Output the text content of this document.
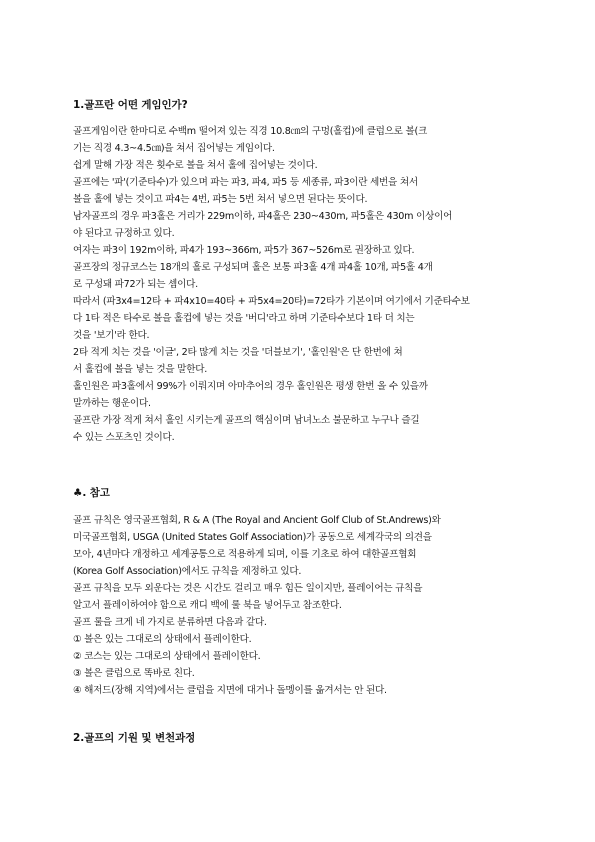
1.골프란 어떤 게임인가?
골프게임이란 한마디로 수백m 떨어져 있는 직경 10.8㎝의 구멍(홀컵)에 클럽으로 볼(크
기는 직경 4.3~4.5㎝)을 쳐서 집어넣는 게임이다.
쉽게 말해 가장 적은 횟수로 볼을 쳐서 홀에 집어넣는 것이다.
골프에는 '파'(기준타수)가 있으며 파는 파3, 파4, 파5 등 세종류, 파3이란 세번을 쳐서
볼을 홀에 넣는 것이고 파4는 4번, 파5는 5번 쳐서 넣으면 된다는 뜻이다.
남자골프의 경우 파3홀은 거리가 229m이하, 파4홀은 230~430m, 파5홀은 430m 이상이어
야 된다고 규정하고 있다.
여자는 파3이 192m이하, 파4가 193~366m, 파5가 367~526m로 권장하고 있다.
골프장의 정규코스는 18개의 홀로 구성되며 홀은 보통 파3홀 4개 파4홀 10개, 파5홀 4개
로 구성돼 파72가 되는 셈이다.
따라서 (파3x4=12타 + 파4x10=40타 + 파5x4=20타)=72타가 기본이며 여기에서 기준타수보
다 1타 적은 타수로 볼을 홀컵에 넣는 것을 '버디'라고 하며 기준타수보다 1타 더 치는
것을 '보기'라 한다.
2타 적게 치는 것을 '이글', 2타 많게 치는 것을 '더블보기', '홀인원'은 단 한번에 쳐
서 홀컵에 볼을 넣는 것을 말한다.
홀인원은 파3홀에서 99%가 이뤄지며 아마추어의 경우 홀인원은 평생 한번 올 수 있을까
말까하는 행운이다.
골프란 가장 적게 쳐서 홀인 시키는게 골프의 핵심이며 남녀노소 불문하고 누구나 즐길
수 있는 스포츠인 것이다.
♣. 참고
골프 규칙은 영국골프협회, R & A (The Royal and Ancient Golf Club of St.Andrews)와
미국골프협회, USGA (United States Golf Association)가 공동으로 세계각국의 의견을
모아, 4년마다 개정하고 세계공통으로 적용하게 되며, 이를 기초로 하여 대한골프협회
(Korea Golf Association)에서도 규칙을 제정하고 있다.
골프 규칙을 모두 외운다는 것은 시간도 걸리고 매우 힘든 일이지만, 플레이어는 규칙을
알고서 플레이하여야 함으로 캐디 백에 룰 북을 넣어두고 참조한다.
골프 룰을 크게 네 가지로 분류하면 다음과 같다.
① 볼은 있는 그대로의 상태에서 플레이한다.
② 코스는 있는 그대로의 상태에서 플레이한다.
③ 볼은 클럽으로 똑바로 친다.
④ 해저드(장해 지역)에서는 클럽을 지면에 대거나 돌멩이를 옮겨서는 안 된다.
2.골프의 기원 및 변천과정
